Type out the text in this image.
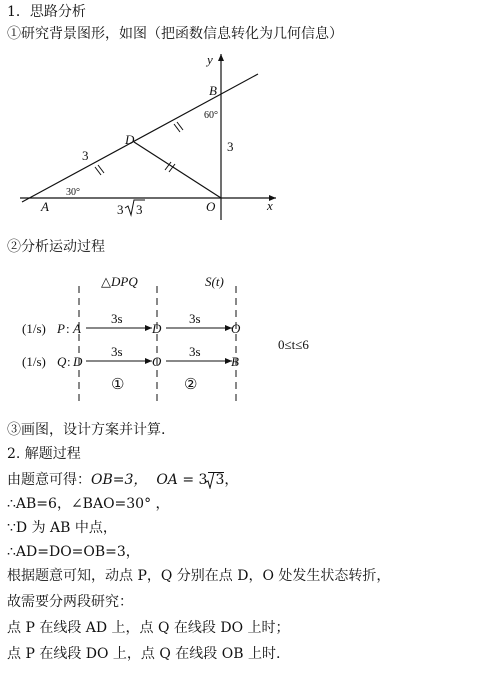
1．思路分析
①研究背景图形，如图（把函数信息转化为几何信息）
y
x
B
60°
3
D
3
30°
A	O
3 3
②分析运动过程
△DPQ	S(t)
(1/s) P : A
3s
D
3s
O
(1/s) Q : D
3s
O
3s
B
①	②
0≤t≤6
③画图，设计方案并计算.
2. 解题过程
由题意可得：OB=3， OA = 3 3，
∴AB=6，∠BAO=30° ，
∵D 为 AB 中点，
∴AD=DO=OB=3，
根据题意可知，动点 P，Q 分别在点 D，O 处发生状态转折，
故需要分两段研究：
点 P 在线段 AD 上，点 Q 在线段 DO 上时；
点 P 在线段 DO 上，点 Q 在线段 OB 上时.
